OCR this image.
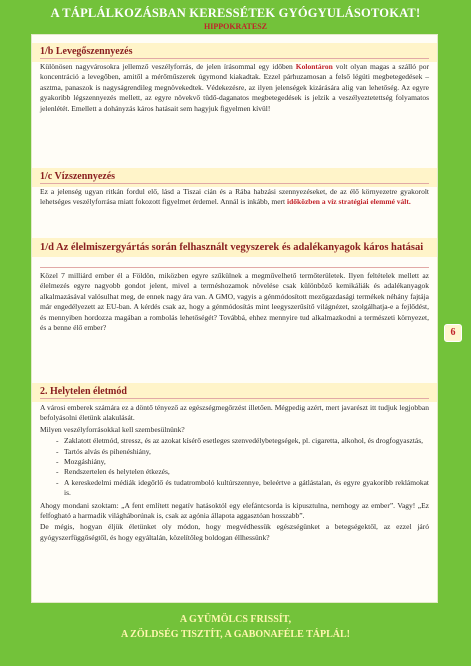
A TÁPLÁLKOZÁSBAN KERESSÉTEK GYÓGYULÁSOTOKAT!
HIPPOKRATESZ
1/b Levegőszennyezés

Különösen nagyvárosokra jellemző veszélyforrás, de jelen írásommal egy időben Kolontáron volt olyan magas a szálló por koncentráció a levegőben, amitől a mérőműszerek úgymond kiakadtak. Ezzel párhuzamosan a felső légúti megbetegedések – asztma, panaszok is nagyságrendileg megnövekedtek. Védekezésre, az ilyen jelenségek kizárására alig van lehetőség. Az egyre gyakoribb légszennyezés mellett, az egyre növekvő tüdő-daganatos megbetegedések is jelzik a veszélyeztetettség folyamatos jelenlétét. Emellett a dohányzás káros hatásait sem hagyjuk figyelmen kívül!

1/c Vízszennyezés

Ez a jelenség ugyan ritkán fordul elő, lásd a Tiszai cián és a Rába habzási szennyezéseket, de az élő környezetre gyakorolt lehetséges veszélyforrása miatt fokozott figyelmet érdemel. Annál is inkább, mert időközben a víz stratégiai elemmé vált.

1/d Az élelmiszergyártás során felhasznált vegyszerek és adalékanyagok káros hatásai

Közel 7 milliárd ember él a Földön, miközben egyre szűkülnek a megművelhető termőterületek. Ilyen feltételek mellett az élelmezés egyre nagyobb gondot jelent, mivel a terméshozamok növelése csak különböző kemikáliák és adalékanyagok alkalmazásával valósulhat meg, de ennek nagy ára van. A GMO, vagyis a génmódosított mezőgazdasági termékek néhány fajtája már engedélyezett az EU-ban. A kérdés csak az, hogy a génmódosítás mint leegyszerűsítő világnézet, szolgálhatja-e a fejlődést, és mennyiben hordozza magában a rombolás lehetőségét? Továbbá, ehhez mennyire tud alkalmazkodni a természeti környezet, és a benne élő ember?

2. Helytelen életmód

A városi emberek számára ez a döntő tényező az egészségmegőrzést illetően. Mégpedig azért, mert javarészt itt tudjuk legjobban befolyásolni életünk alakulását.

Milyen veszélyforrásokkal kell szembesülnünk?

- Zaklatott életmód, stressz, és az azokat kísérő esetleges szenvedélybetegségek, pl. cigaretta, alkohol, és drogfogyasztás,
- Tartós alvás és pihenéshiány,
- Mozgáshiány,
- Rendszertelen és helytelen étkezés,
- A kereskedelmi médiák idegőrlő és tudatromboló kultúrszennye, beleértve a gátlástalan, és egyre gyakoribb reklámokat is.

Ahogy mondani szoktam: „A fent említett negatív hatásoktól egy elefántcsorda is kipusztulna, nemhogy az ember”. Vagy! „Ez felfogható a harmadik világháborúnak is, csak az agónia állapota aggasztóan hosszabb”.

De mégis, hogyan éljük életünket oly módon, hogy megvédhessük egészségünket a betegségektől, az ezzel járó gyógyszerfüggőségtől, és hogy egyáltalán, közelítőleg boldogan éllhessünk?

6
A GYÜMÖLCS FRISSÍT,
A ZÖLDSÉG TISZTÍT, A GABONAFÉLE TÁPLÁL!
